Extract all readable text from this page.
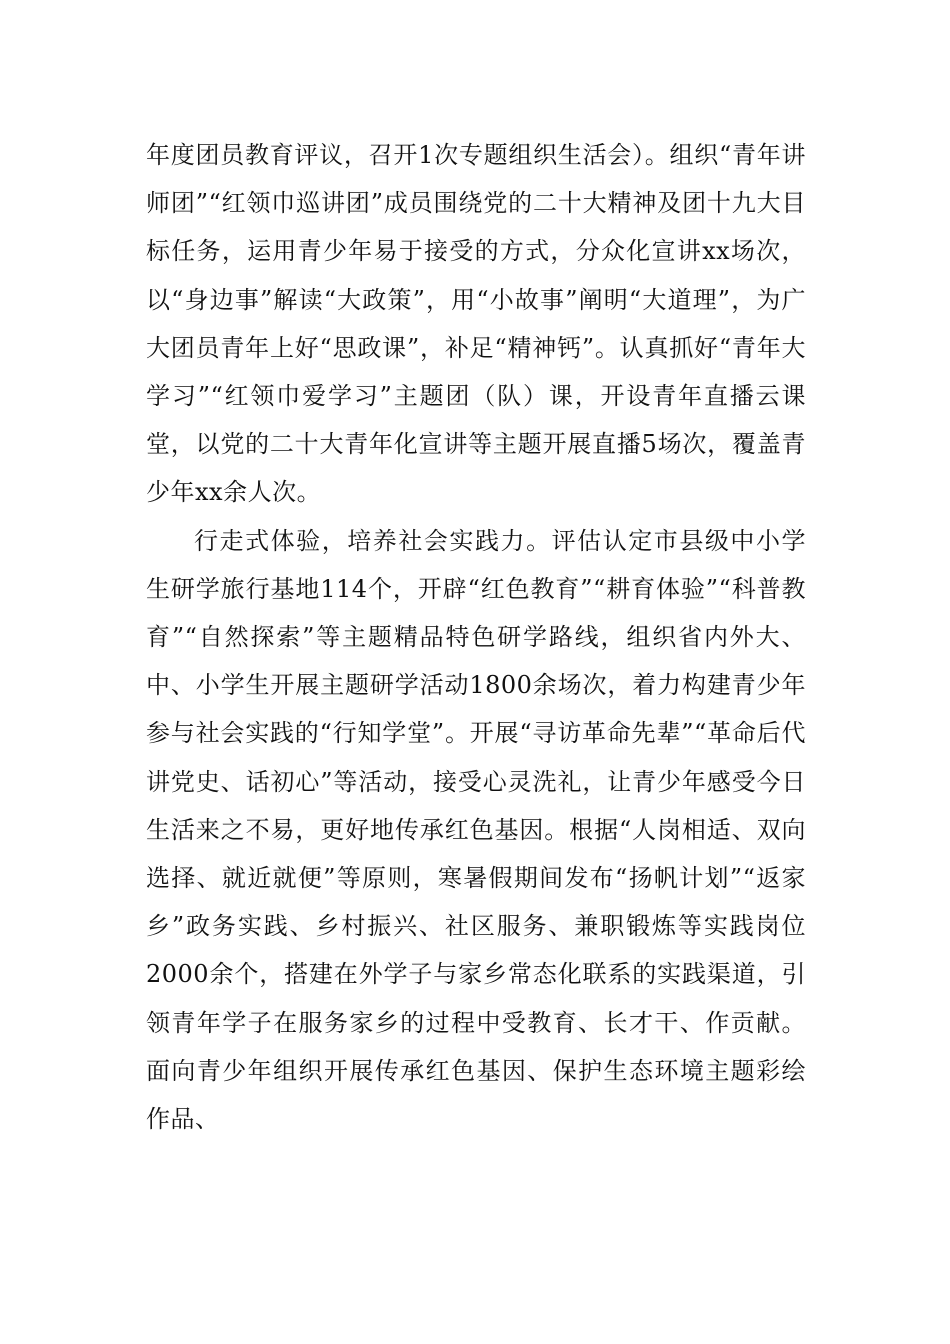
年度团员教育评议，召开1次专题组织生活会）。组织“青年讲师团”“红领巾巡讲团”成员围绕党的二十大精神及团十九大目标任务，运用青少年易于接受的方式，分众化宣讲xx场次，以“身边事”解读“大政策”，用“小故事”阐明“大道理”，为广大团员青年上好“思政课”，补足“精神钙”。认真抓好“青年大学习”“红领巾爱学习”主题团（队）课，开设青年直播云课堂，以党的二十大青年化宣讲等主题开展直播5场次，覆盖青少年xx余人次。

行走式体验，培养社会实践力。评估认定市县级中小学生研学旅行基地114个，开辟“红色教育”“耕育体验”“科普教育”“自然探索”等主题精品特色研学路线，组织省内外大、中、小学生开展主题研学活动1800余场次，着力构建青少年参与社会实践的“行知学堂”。开展“寻访革命先辈”“革命后代讲党史、话初心”等活动，接受心灵洗礼，让青少年感受今日生活来之不易，更好地传承红色基因。根据“人岗相适、双向选择、就近就便”等原则，寒暑假期间发布“扬帆计划”“返家乡”政务实践、乡村振兴、社区服务、兼职锻炼等实践岗位2000余个，搭建在外学子与家乡常态化联系的实践渠道，引领青年学子在服务家乡的过程中受教育、长才干、作贡献。面向青少年组织开展传承红色基因、保护生态环境主题彩绘作品、
